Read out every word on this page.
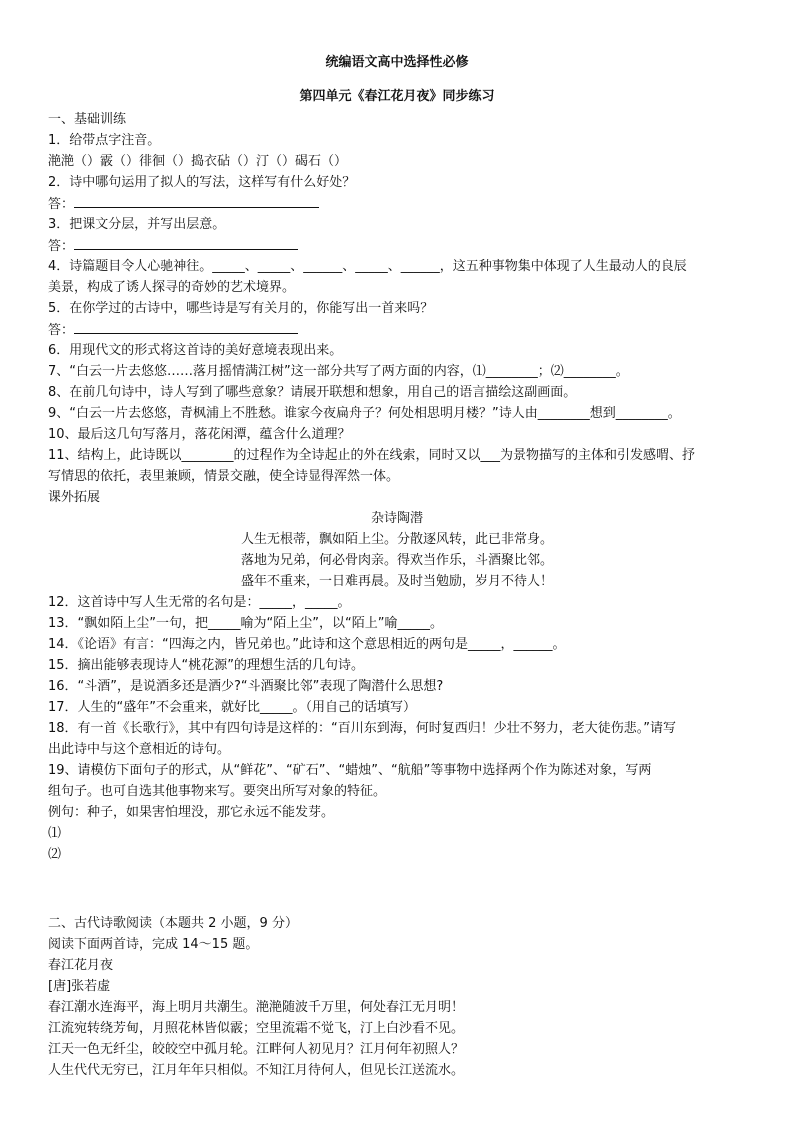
统编语文高中选择性必修
第四单元《春江花月夜》同步练习
一、基础训练
1．给带点字注音。
滟滟（）霰（）徘徊（）捣衣砧（）汀（）碣石（）
2．诗中哪句运用了拟人的写法，这样写有什么好处？
答：
3．把课文分层，并写出层意。
答：
4．诗篇题目令人心驰神往。_____、_____、______、_____、______，这五种事物集中体现了人生最动人的良辰
美景，构成了诱人探寻的奇妙的艺术境界。
5．在你学过的古诗中，哪些诗是写有关月的，你能写出一首来吗？
答：
6．用现代文的形式将这首诗的美好意境表现出来。
7、“白云一片去悠悠……落月摇情满江树”这一部分共写了两方面的内容，⑴________；⑵________。
8、在前几句诗中，诗人写到了哪些意象？请展开联想和想象，用自己的语言描绘这副画面。
9、“白云一片去悠悠，青枫浦上不胜愁。谁家今夜扁舟子？何处相思明月楼？”诗人由________想到________。
10、最后这几句写落月，落花闲潭，蕴含什么道理？
11、结构上，此诗既以________的过程作为全诗起止的外在线索，同时又以___为景物描写的主体和引发感喟、抒
写情思的依托，表里兼顾，情景交融，使全诗显得浑然一体。
课外拓展
杂诗陶潜
人生无根蒂，飘如陌上尘。分散逐风转，此已非常身。
落地为兄弟，何必骨肉亲。得欢当作乐，斗酒聚比邻。
盛年不重来，一日难再晨。及时当勉励，岁月不待人！
12．这首诗中写人生无常的名句是：_____，_____。
13．“飘如陌上尘”一句，把_____喻为“陌上尘”，以“陌上”喻_____。
14．《论语》有言：“四海之内，皆兄弟也。”此诗和这个意思相近的两句是_____，______。
15．摘出能够表现诗人“桃花源”的理想生活的几句诗。
16．“斗酒”，是说酒多还是酒少?“斗酒聚比邻”表现了陶潜什么思想?
17．人生的“盛年”不会重来，就好比_____。（用自己的话填写）
18．有一首《长歌行》，其中有四句诗是这样的：“百川东到海，何时复西归！少壮不努力，老大徒伤悲。”请写
出此诗中与这个意相近的诗句。
19、请模仿下面句子的形式，从“鲜花”、“矿石”、“蜡烛”、“航船”等事物中选择两个作为陈述对象，写两
组句子。也可自选其他事物来写。要突出所写对象的特征。
例句：种子，如果害怕埋没，那它永远不能发芽。
⑴
⑵
二、古代诗歌阅读（本题共 2 小题，9 分）
阅读下面两首诗，完成 14～15 题。
春江花月夜
[唐]张若虚
春江潮水连海平，海上明月共潮生。滟滟随波千万里，何处春江无月明！
江流宛转绕芳甸，月照花林皆似霰；空里流霜不觉飞，汀上白沙看不见。
江天一色无纤尘，皎皎空中孤月轮。江畔何人初见月？江月何年初照人？
人生代代无穷已，江月年年只相似。不知江月待何人，但见长江送流水。
